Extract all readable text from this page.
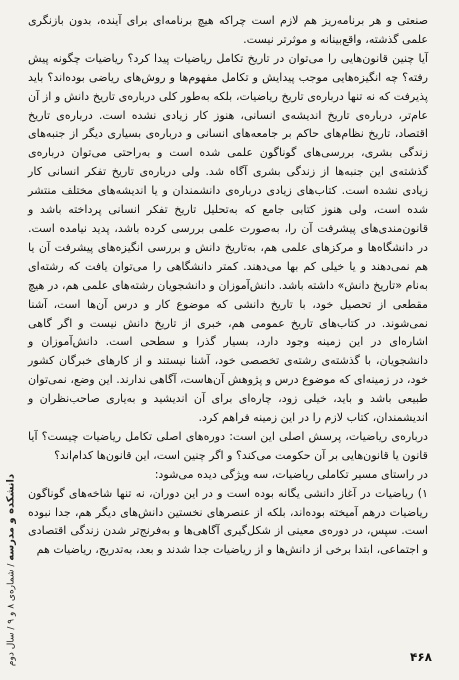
صنعتی و هر برنامه‌ریز هم لازم است چراکه هیچ برنامه‌ای برای آینده، بدون بازنگری علمی گذشته، واقع‌بینانه و موثرتر نیست.

آیا چنین قانون‌هایی را می‌توان در تاریخ تکامل ریاضیات پیدا کرد؟ ریاضیات چگونه پیش رفته؟ چه انگیزه‌هایی موجب پیدایش و تکامل مفهوم‌ها و روش‌های ریاضی بوده‌اند؟ باید پذیرفت که نه تنها درباره‌ی تاریخ ریاضیات، بلکه به‌طور کلی درباره‌ی تاریخ دانش و از آن عام‌تر، درباره‌ی تاریخ اندیشه‌ی انسانی، هنوز کار زیادی نشده است. درباره‌ی تاریخ اقتصاد، تاریخ نظام‌های حاکم بر جامعه‌های انسانی و درباره‌ی بسیاری دیگر از جنبه‌های زندگی بشری، بررسی‌های گوناگون علمی شده است و به‌راحتی می‌توان درباره‌ی گذشته‌ی این جنبه‌ها از زندگی بشری آگاه شد. ولی درباره‌ی تاریخ تفکر انسانی کار زیادی نشده است. کتاب‌های زیادی درباره‌ی دانشمندان و یا اندیشه‌های مختلف منتشر شده است، ولی هنوز کتابی جامع که به‌تحلیل تاریخ تفکر انسانی پرداخته باشد و قانون‌مندی‌های پیشرفت آن را، به‌صورت علمی بررسی کرده باشد، پدید نیامده است. در دانشگاه‌ها و مرکزهای علمی هم، به‌تاریخ دانش و بررسی انگیزه‌های پیشرفت آن یا هم نمی‌دهند و یا خیلی کم بها می‌دهند. کمتر دانشگاهی را می‌توان یافت که رشته‌ای به‌نام «تاریخ دانش» داشته باشد. دانش‌آموزان و دانشجویان رشته‌های علمی هم، در هیچ مقطعی از تحصیل خود، با تاریخ دانشی که موضوع کار و درس آن‌ها است، آشنا نمی‌شوند. در کتاب‌های تاریخ عمومی هم، خبری از تاریخ دانش نیست و اگر گاهی اشاره‌ای در این زمینه وجود دارد، بسیار گذرا و سطحی است. دانش‌آموزان و دانشجویان، با گذشته‌ی رشته‌ی تخصصی خود، آشنا نیستند و از کارهای خبرگان کشور خود، در زمینه‌ای که موضوع درس و پژوهش آن‌هاست، آگاهی ندارند. این وضع، نمی‌توان طبیعی باشد و باید، خیلی زود، چاره‌ای برای آن اندیشید و به‌یاری صاحب‌نظران و اندیشمندان، کتاب لازم را در این زمینه فراهم کرد.

درباره‌ی ریاضیات، پرسش اصلی این است: دوره‌های اصلی تکامل ریاضیات چیست؟ آیا قانون یا قانون‌هایی بر آن حکومت می‌کند؟ و اگر چنین است، این قانون‌ها کدام‌اند؟

در راستای مسیر تکاملی ریاضیات، سه ویژگی دیده می‌شود:

۱) ریاضیات در آغاز دانشی یگانه بوده است و در این دوران، نه تنها شاخه‌های گوناگون ریاضیات درهم آمیخته بوده‌اند، بلکه از عنصرهای نخستین دانش‌های دیگر هم، جدا نبوده است. سپس، در دوره‌ی معینی از شکل‌گیری آگاهی‌ها و به‌فرنج‌تر شدن زندگی اقتصادی و اجتماعی، ابتدا برخی از دانش‌ها و از ریاضیات جدا شدند و بعد، به‌تدریج، ریاضیات هم

دانشکده و مدرسه / شماره‌ی ۸ و ۹ / سال دوم
۴۶۸
